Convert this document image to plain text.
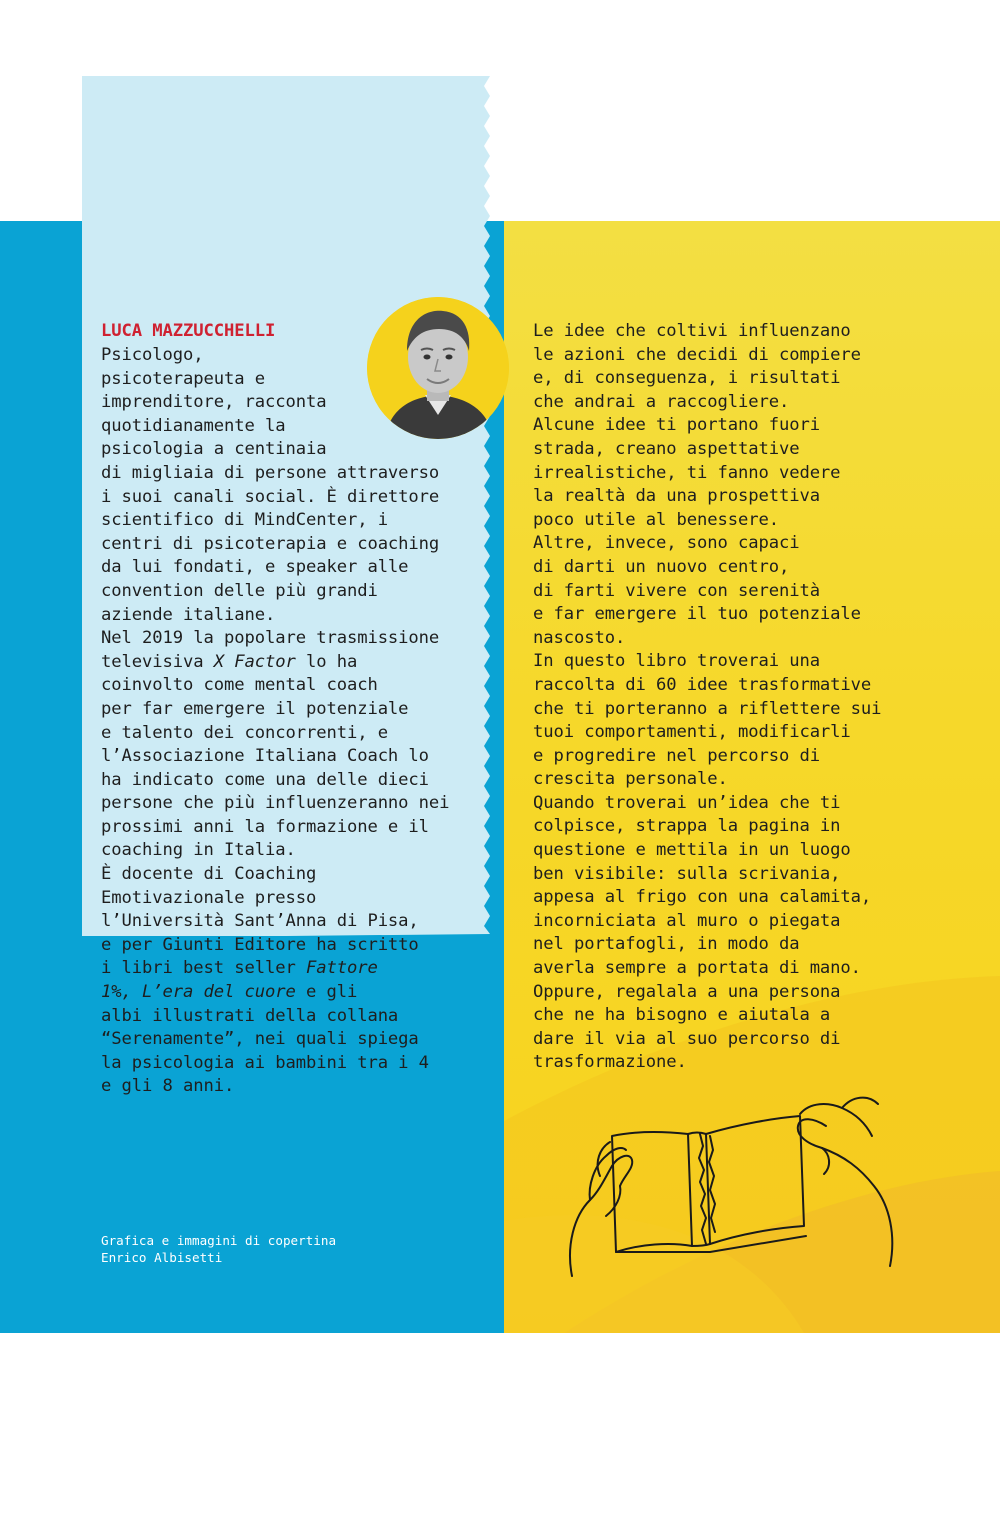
LUCA MAZZUCCHELLI
Psicologo,
psicoterapeuta e
imprenditore, racconta
quotidianamente la
psicologia a centinaia
di migliaia di persone attraverso
i suoi canali social. È direttore
scientifico di MindCenter, i
centri di psicoterapia e coaching
da lui fondati, e speaker alle
convention delle più grandi
aziende italiane.
Nel 2019 la popolare trasmissione
televisiva X Factor lo ha
coinvolto come mental coach
per far emergere il potenziale
e talento dei concorrenti, e
l’Associazione Italiana Coach lo
ha indicato come una delle dieci
persone che più influenzeranno nei
prossimi anni la formazione e il
coaching in Italia.
È docente di Coaching
Emotivazionale presso
l’Università Sant’Anna di Pisa,
e per Giunti Editore ha scritto
i libri best seller Fattore
1%, L’era del cuore e gli
albi illustrati della collana
“Serenamente”, nei quali spiega
la psicologia ai bambini tra i 4
e gli 8 anni.
Grafica e immagini di copertina
Enrico Albisetti
Le idee che coltivi influenzano
le azioni che decidi di compiere
e, di conseguenza, i risultati
che andrai a raccogliere.
Alcune idee ti portano fuori
strada, creano aspettative
irrealistiche, ti fanno vedere
la realtà da una prospettiva
poco utile al benessere.
Altre, invece, sono capaci
di darti un nuovo centro,
di farti vivere con serenità
e far emergere il tuo potenziale
nascosto.
In questo libro troverai una
raccolta di 60 idee trasformative
che ti porteranno a riflettere sui
tuoi comportamenti, modificarli
e progredire nel percorso di
crescita personale.
Quando troverai un’idea che ti
colpisce, strappa la pagina in
questione e mettila in un luogo
ben visibile: sulla scrivania,
appesa al frigo con una calamita,
incorniciata al muro o piegata
nel portafogli, in modo da
averla sempre a portata di mano.
Oppure, regalala a una persona
che ne ha bisogno e aiutala a
dare il via al suo percorso di
trasformazione.
